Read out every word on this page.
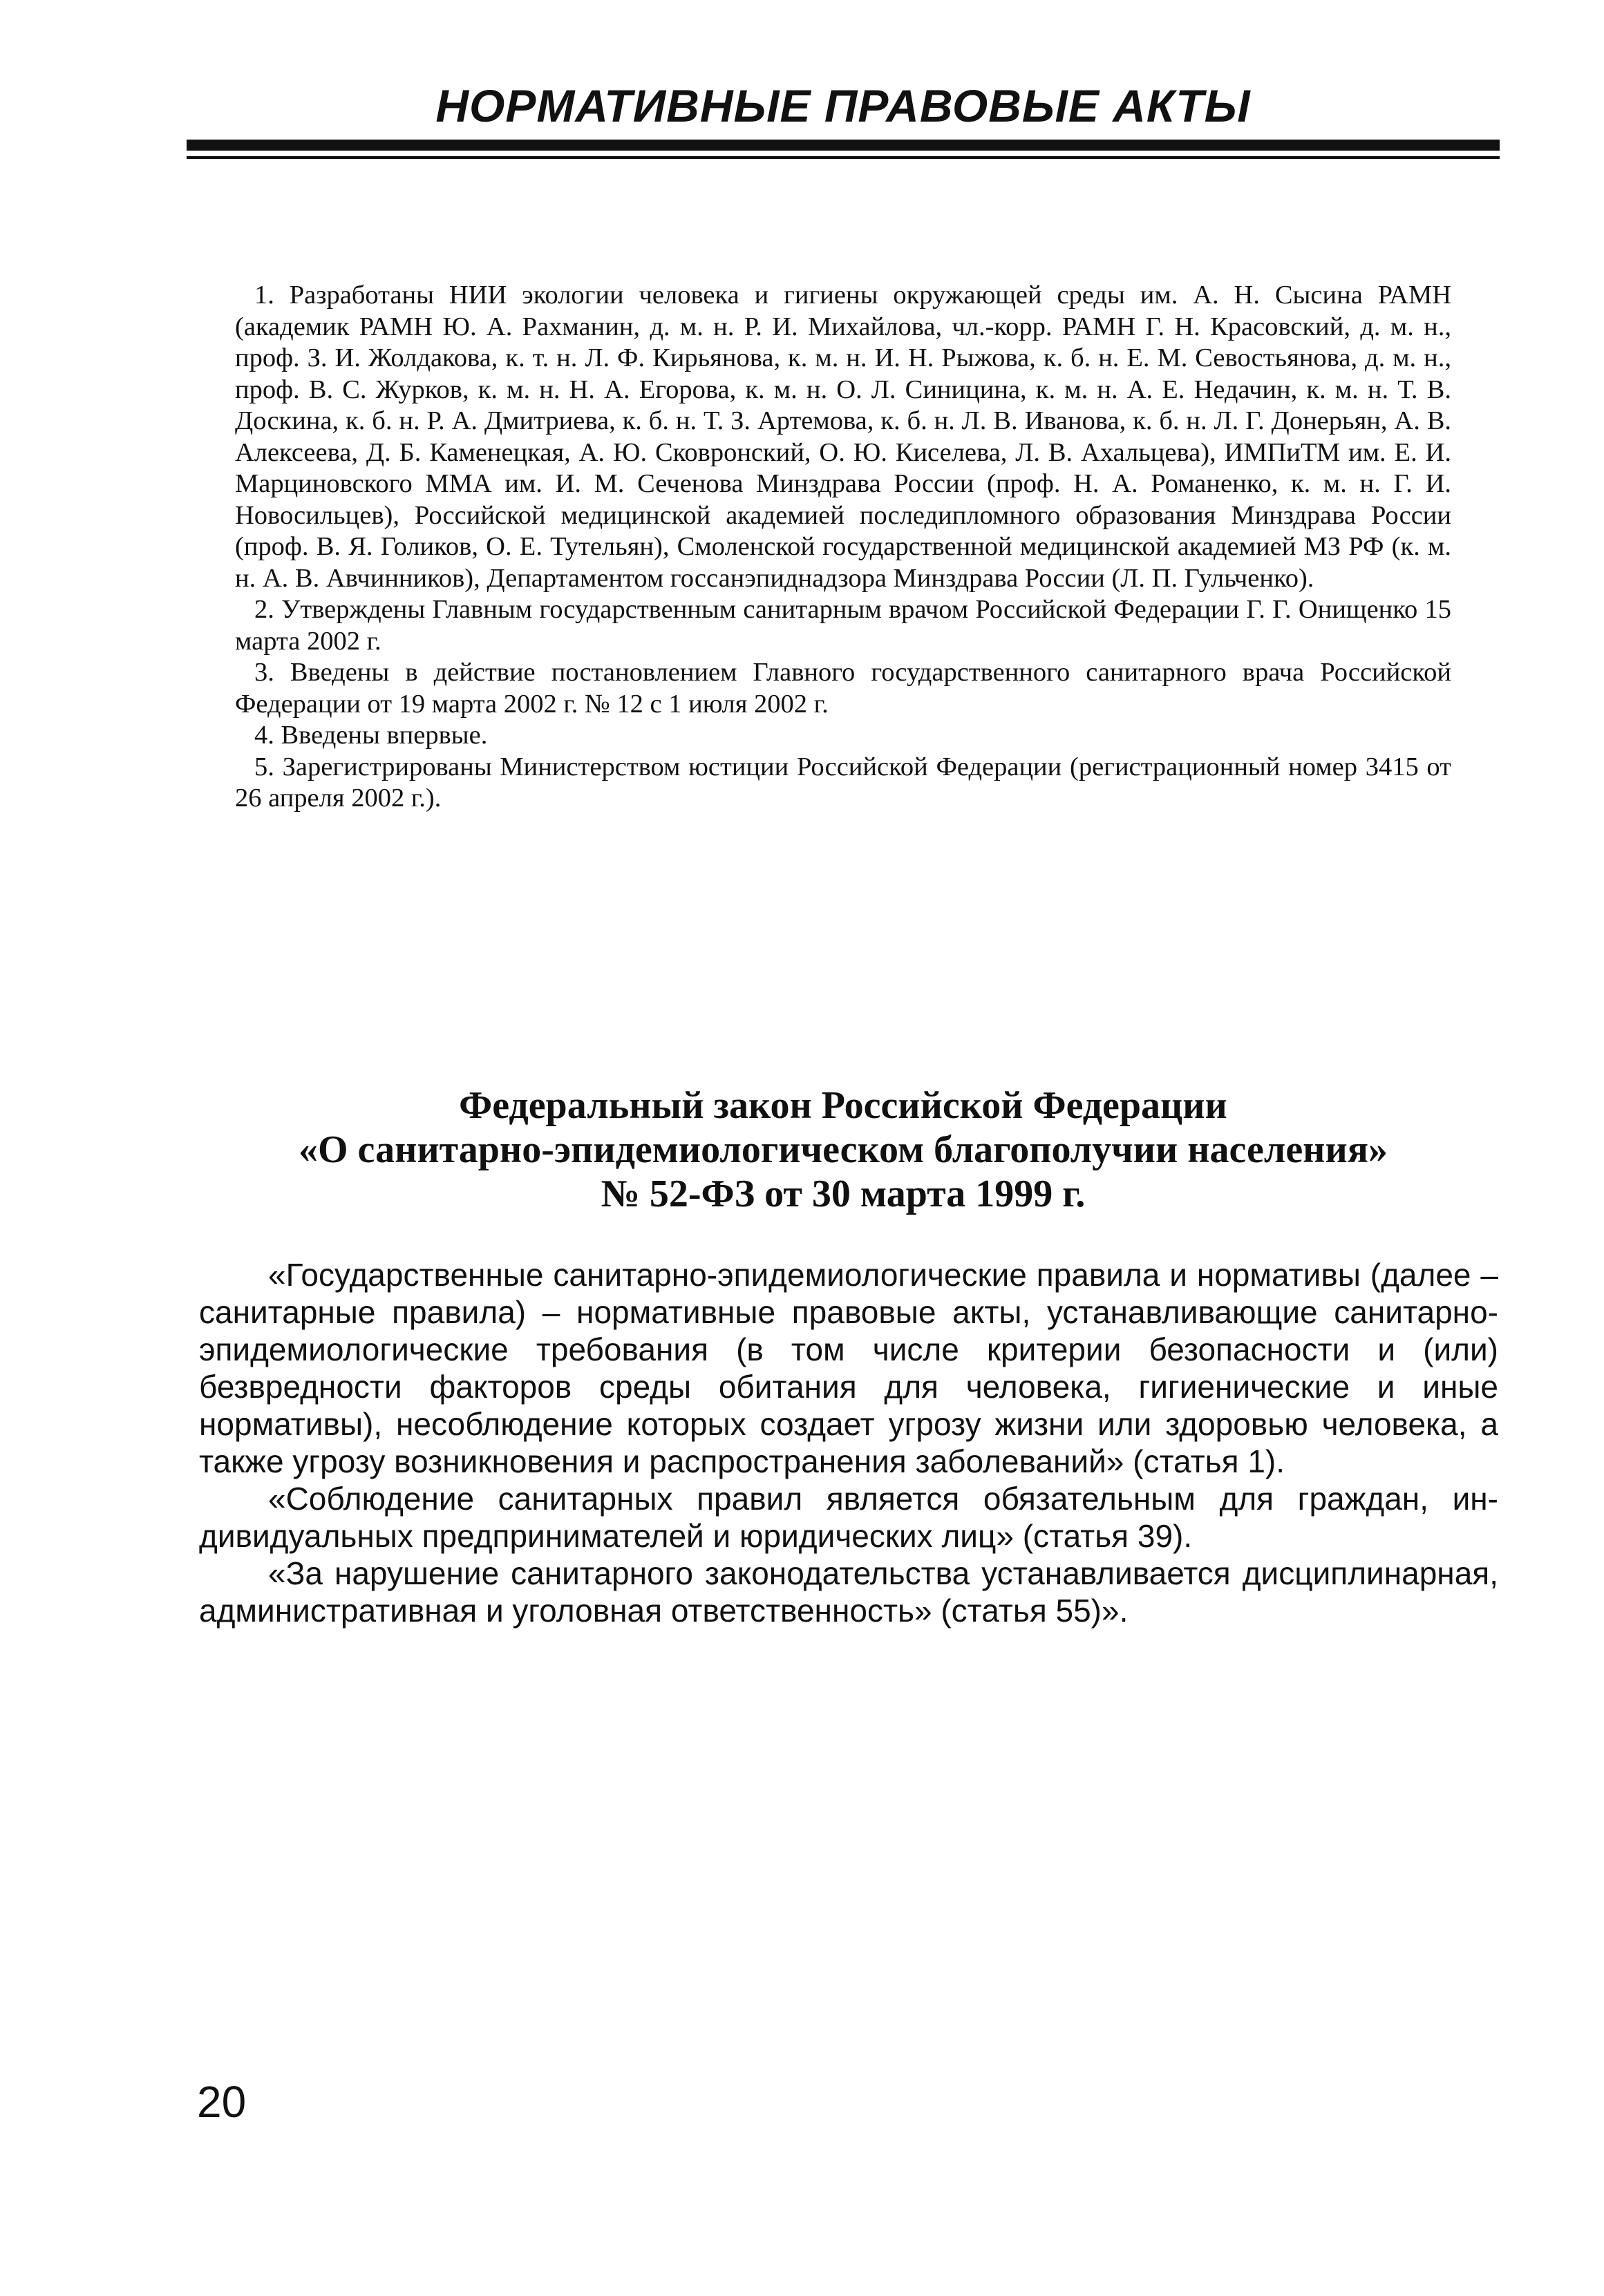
НОРМАТИВНЫЕ ПРАВОВЫЕ АКТЫ

1. Разработаны НИИ экологии человека и гигиены окружающей среды им. А. Н. Сысина РАМН (академик РАМН Ю. А. Рахманин, д. м. н. Р. И. Михайлова, чл.-корр. РАМН Г. Н. Красовский, д. м. н., проф. З. И. Жолдакова, к. т. н. Л. Ф. Кирьянова, к. м. н. И. Н. Рыжова, к. б. н. Е. М. Севостьянова, д. м. н., проф. В. С. Журков, к. м. н. Н. А. Егорова, к. м. н. О. Л. Синицина, к. м. н. А. Е. Недачин, к. м. н. Т. В. Доскина, к. б. н. Р. А. Дмитриева, к. б. н. Т. З. Артемова, к. б. н. Л. В. Иванова, к. б. н. Л. Г. Донерьян, А. В. Алексеева, Д. Б. Каменецкая, А. Ю. Сковронский, О. Ю. Киселева, Л. В. Ахальцева), ИМПиТМ им. Е. И. Марциновского ММА им. И. М. Сеченова Минздрава России (проф. Н. А. Романенко, к. м. н. Г. И. Новосильцев), Российской медицинской академией последипломного образования Минздрава России (проф. В. Я. Голиков, О. Е. Тутельян), Смоленской государственной медицинской академией МЗ РФ (к. м. н. А. В. Авчинников), Департаментом госсанэпиднадзора Минздрава России (Л. П. Гульченко).

2. Утверждены Главным государственным санитарным врачом Российской Федерации Г. Г. Онищенко 15 марта 2002 г.

3. Введены в действие постановлением Главного государственного санитарного врача Российской Федерации от 19 марта 2002 г. № 12 с 1 июля 2002 г.

4. Введены впервые.

5. Зарегистрированы Министерством юстиции Российской Федерации (регистрационный номер 3415 от 26 апреля 2002 г.).

Федеральный закон Российской Федерации
«О санитарно-эпидемиологическом благополучии населения»
№ 52-ФЗ от 30 марта 1999 г.

«Государственные санитарно-эпидемиологические правила и нормативы (далее – санитарные правила) – нормативные правовые акты, устанавливающие санитарно-эпидемиологические требования (в том числе критерии безопасности и (или) безвредности факторов среды обитания для человека, гигиенические и иные нормативы), несоблюдение которых создает угрозу жизни или здоровью человека, а также угрозу возникновения и распространения заболеваний» (статья 1).

«Соблюдение санитарных правил является обязательным для граждан, индивидуальных предпринимателей и юридических лиц» (статья 39).

«За нарушение санитарного законодательства устанавливается дисциплинарная, административная и уголовная ответственность» (статья 55)».

20
